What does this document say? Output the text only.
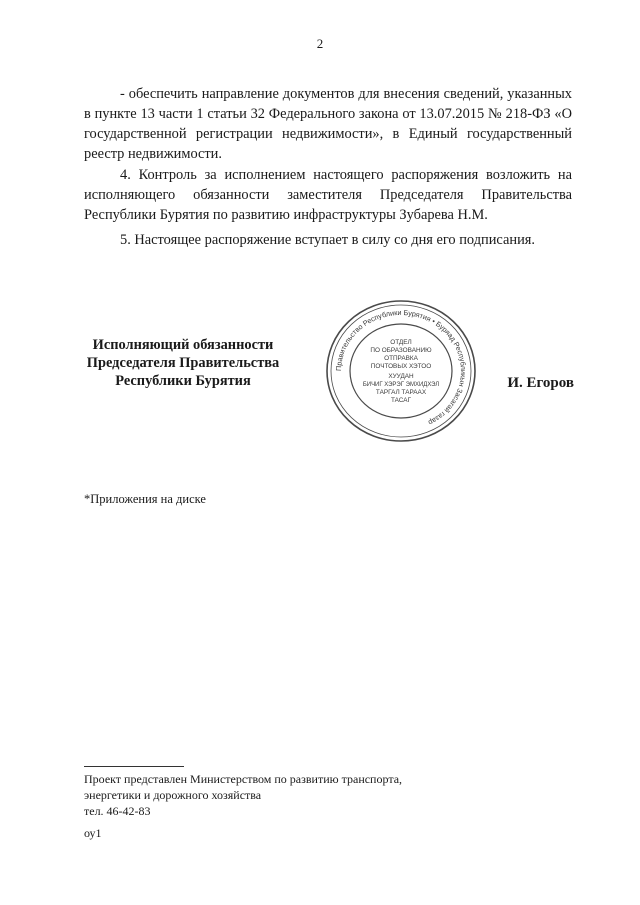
2
- обеспечить направление документов для внесения сведений, указанных в пункте 13 части 1 статьи 32 Федерального закона от 13.07.2015 № 218-ФЗ «О государственной регистрации недвижимости», в Единый государственный реестр недвижимости.
4. Контроль за исполнением настоящего распоряжения возложить на исполняющего обязанности заместителя Председателя Правительства Республики Бурятия по развитию инфраструктуры Зубарева Н.М.
5. Настоящее распоряжение вступает в силу со дня его подписания.
Исполняющий обязанности
Председателя Правительства
Республики Бурятия
Правительство Республики Бурятия • Буряад Республикын Засагай газар
ОТДЕЛ
ПО ОБРАЗОВАНИЮ
ОТПРАВКА
ПОЧТОВЫХ ХЭТОО
ХУУДАН
БИЧИГ ХЭРЭГ ЭМХИДХЭЛ
ТАРГАЛ ТАРААХ
ТАСАГ
И. Егоров
*Приложения на диске
Проект представлен Министерством по развитию транспорта,
энергетики и дорожного хозяйства
тел. 46-42-83
оу1
